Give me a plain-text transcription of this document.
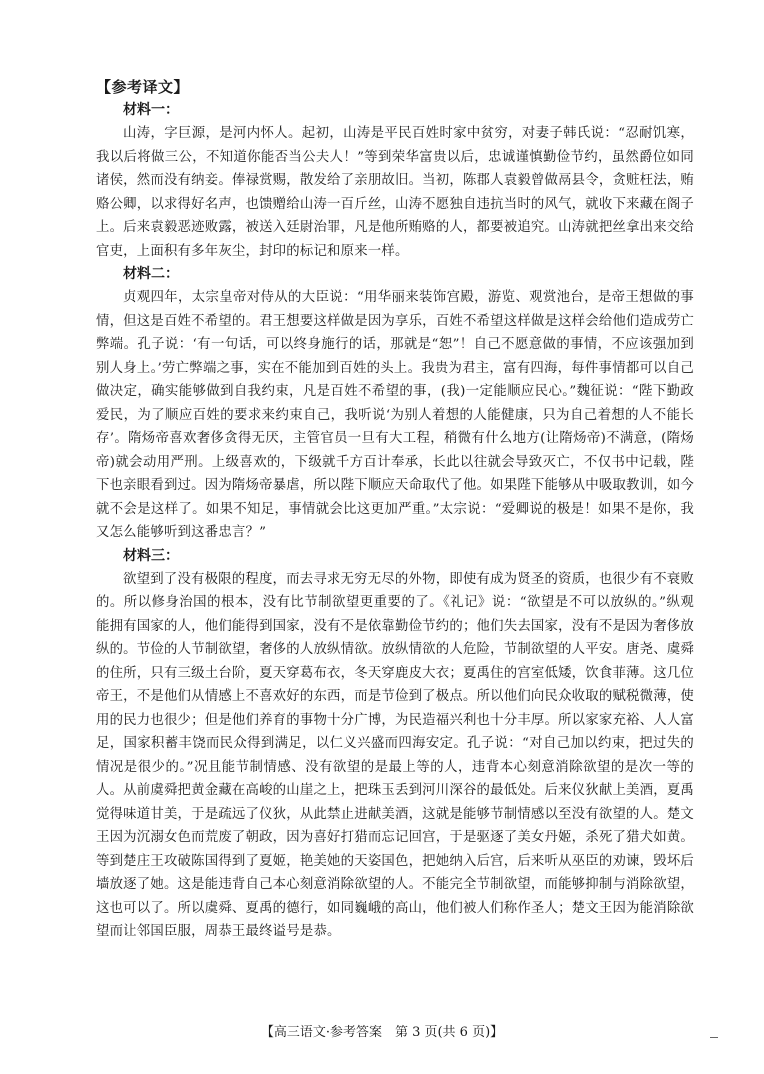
【参考译文】
材料一：

山涛，字巨源，是河内怀人。起初，山涛是平民百姓时家中贫穷，对妻子韩氏说：“忍耐饥寒，我以后将做三公，不知道你能否当公夫人！”等到荣华富贵以后，忠诚谨慎勤俭节约，虽然爵位如同诸侯，然而没有纳妾。俸禄赏赐，散发给了亲朋故旧。当初，陈郡人袁毅曾做鬲县令，贪赃枉法，贿赂公卿，以求得好名声，也馈赠给山涛一百斤丝，山涛不愿独自违抗当时的风气，就收下来藏在阁子上。后来袁毅恶迹败露，被送入廷尉治罪，凡是他所贿赂的人，都要被追究。山涛就把丝拿出来交给官吏，上面积有多年灰尘，封印的标记和原来一样。

材料二：

贞观四年，太宗皇帝对侍从的大臣说：“用华丽来装饰宫殿，游览、观赏池台，是帝王想做的事情，但这是百姓不希望的。君王想要这样做是因为享乐，百姓不希望这样做是这样会给他们造成劳亡弊端。孔子说：‘有一句话，可以终身施行的话，那就是“恕”！自己不愿意做的事情，不应该强加到别人身上。’劳亡弊端之事，实在不能加到百姓的头上。我贵为君主，富有四海，每件事情都可以自己做决定，确实能够做到自我约束，凡是百姓不希望的事，(我)一定能顺应民心。”魏征说：“陛下勤政爱民，为了顺应百姓的要求来约束自己，我听说‘为别人着想的人能健康，只为自己着想的人不能长存’。隋炀帝喜欢奢侈贪得无厌，主管官员一旦有大工程，稍微有什么地方(让隋炀帝)不满意，(隋炀帝)就会动用严刑。上级喜欢的，下级就千方百计奉承，长此以往就会导致灭亡，不仅书中记载，陛下也亲眼看到过。因为隋炀帝暴虐，所以陛下顺应天命取代了他。如果陛下能够从中吸取教训，如今就不会是这样了。如果不知足，事情就会比这更加严重。”太宗说：“爱卿说的极是！如果不是你，我又怎么能够听到这番忠言？”

材料三：

欲望到了没有极限的程度，而去寻求无穷无尽的外物，即使有成为贤圣的资质，也很少有不衰败的。所以修身治国的根本，没有比节制欲望更重要的了。《礼记》说：“欲望是不可以放纵的。”纵观能拥有国家的人，他们能得到国家，没有不是依靠勤俭节约的；他们失去国家，没有不是因为奢侈放纵的。节俭的人节制欲望，奢侈的人放纵情欲。放纵情欲的人危险，节制欲望的人平安。唐尧、虞舜的住所，只有三级土台阶，夏天穿葛布衣，冬天穿鹿皮大衣；夏禹住的宫室低矮，饮食菲薄。这几位帝王，不是他们从情感上不喜欢好的东西，而是节俭到了极点。所以他们向民众收取的赋税微薄，使用的民力也很少；但是他们养育的事物十分广博，为民造福兴利也十分丰厚。所以家家充裕、人人富足，国家积蓄丰饶而民众得到满足，以仁义兴盛而四海安定。孔子说：“对自己加以约束，把过失的情况是很少的。”况且能节制情感、没有欲望的是最上等的人，违背本心刻意消除欲望的是次一等的人。从前虞舜把黄金藏在高峻的山崖之上，把珠玉丢到河川深谷的最低处。后来仪狄献上美酒，夏禹觉得味道甘美，于是疏远了仪狄，从此禁止进献美酒，这就是能够节制情感以至没有欲望的人。楚文王因为沉溺女色而荒废了朝政，因为喜好打猎而忘记回宫，于是驱逐了美女丹姬，杀死了猎犬如黄。等到楚庄王攻破陈国得到了夏姬，艳美她的天姿国色，把她纳入后宫，后来听从巫臣的劝谏，毁坏后墙放逐了她。这是能违背自己本心刻意消除欲望的人。不能完全节制欲望，而能够抑制与消除欲望，这也可以了。所以虞舜、夏禹的德行，如同巍峨的高山，他们被人们称作圣人；楚文王因为能消除欲望而让邻国臣服，周恭王最终谥号是恭。

【高三语文·参考答案　第 3 页(共 6 页)】
